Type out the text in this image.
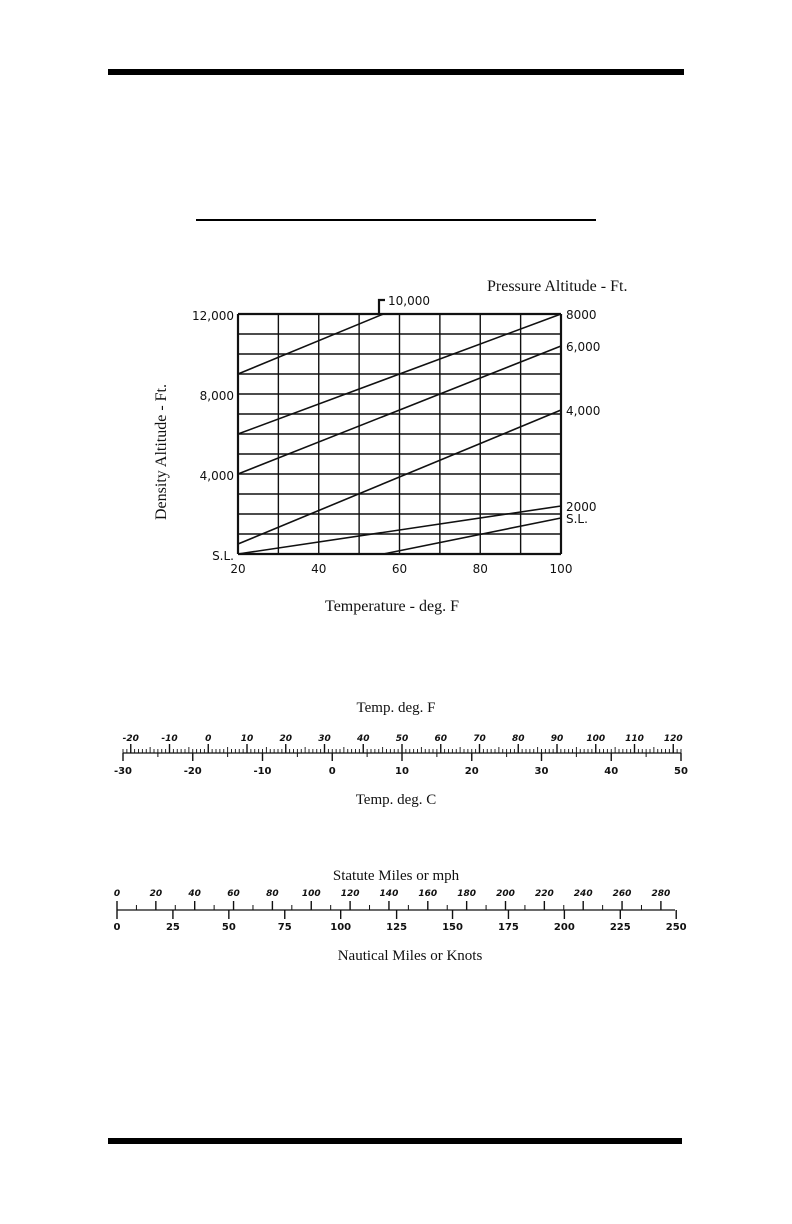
S.L.
4,000
8,000
12,000
20	40	60	80	100
S.L.
2000
4,000
6,000
8000
10,000
Pressure Altitude - Ft.
Density Altitude - Ft.
Temperature - deg. F
Temp. deg. F
-20 -10	0	10	20	30	40	50	60	70	80	90	100 110 120
-30	-20	-10	0	10	20	30	40	50
Temp. deg. C
Statute Miles or mph
0	20	40	60	80	100 120 140 160 180 200 220 240 260 280
0	25	50	75	100	125	150	175	200	225	250
Nautical Miles or Knots
